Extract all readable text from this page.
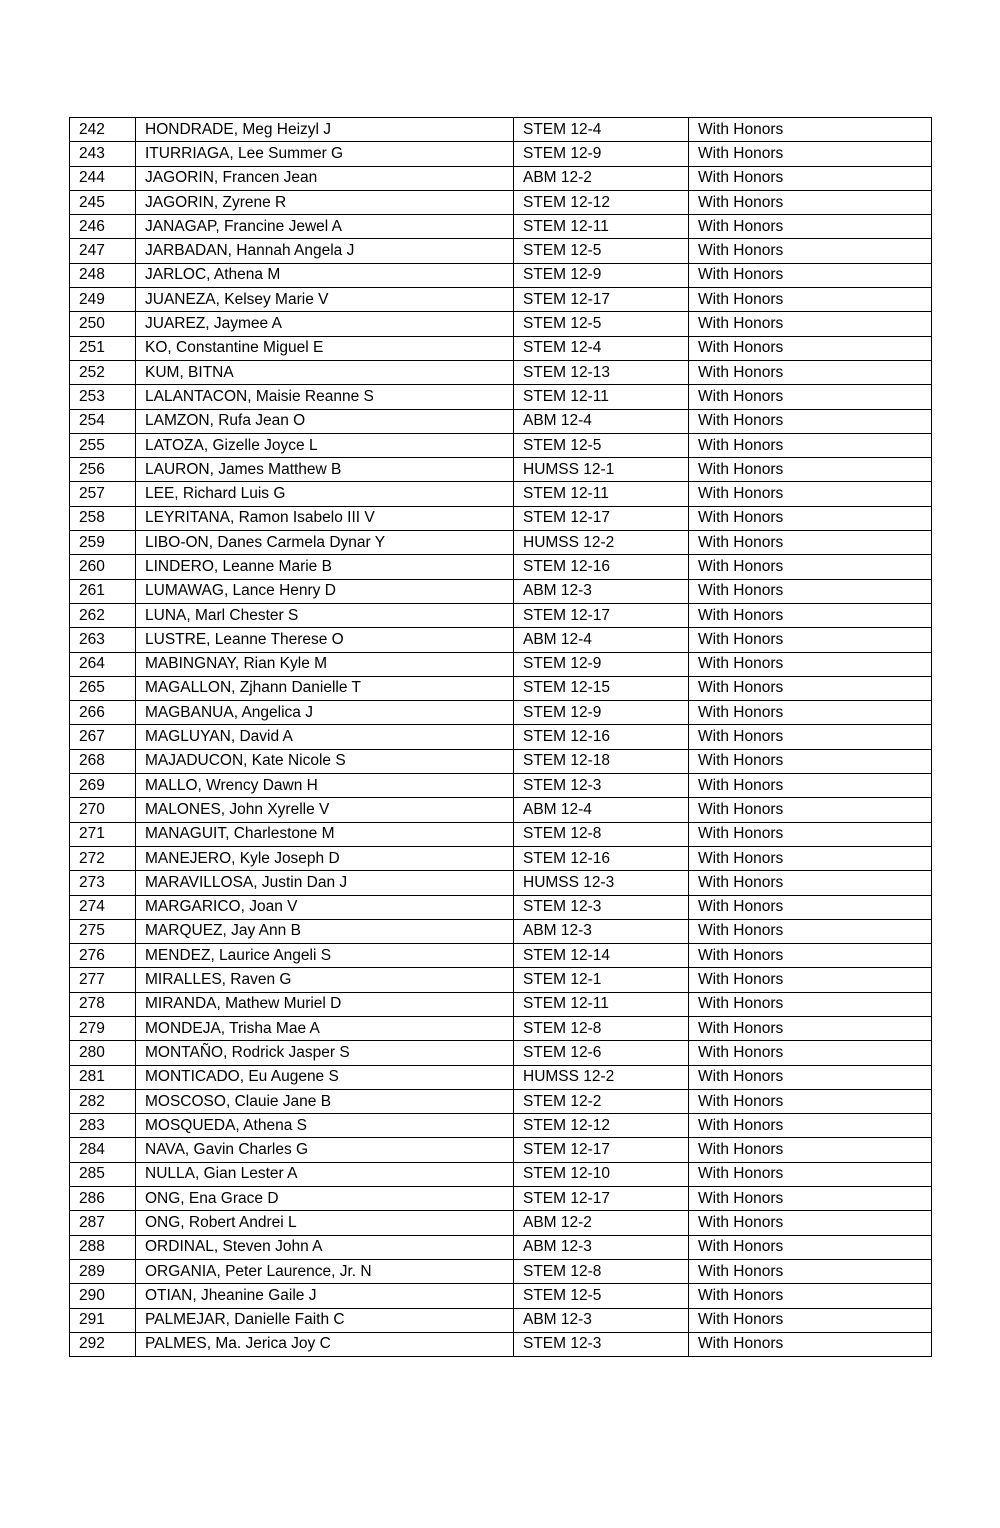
242	HONDRADE, Meg Heizyl J	STEM 12-4	With Honors
243	ITURRIAGA, Lee Summer G	STEM 12-9	With Honors
244	JAGORIN, Francen Jean	ABM 12-2	With Honors
245	JAGORIN, Zyrene R	STEM 12-12	With Honors
246	JANAGAP, Francine Jewel A	STEM 12-11	With Honors
247	JARBADAN, Hannah Angela J	STEM 12-5	With Honors
248	JARLOC, Athena M	STEM 12-9	With Honors
249	JUANEZA, Kelsey Marie V	STEM 12-17	With Honors
250	JUAREZ, Jaymee A	STEM 12-5	With Honors
251	KO, Constantine Miguel E	STEM 12-4	With Honors
252	KUM, BITNA	STEM 12-13	With Honors
253	LALANTACON, Maisie Reanne S	STEM 12-11	With Honors
254	LAMZON, Rufa Jean O	ABM 12-4	With Honors
255	LATOZA, Gizelle Joyce L	STEM 12-5	With Honors
256	LAURON, James Matthew B	HUMSS 12-1	With Honors
257	LEE, Richard Luis G	STEM 12-11	With Honors
258	LEYRITANA, Ramon Isabelo III V	STEM 12-17	With Honors
259	LIBO-ON, Danes Carmela Dynar Y	HUMSS 12-2	With Honors
260	LINDERO, Leanne Marie B	STEM 12-16	With Honors
261	LUMAWAG, Lance Henry D	ABM 12-3	With Honors
262	LUNA, Marl Chester S	STEM 12-17	With Honors
263	LUSTRE, Leanne Therese O	ABM 12-4	With Honors
264	MABINGNAY, Rian Kyle M	STEM 12-9	With Honors
265	MAGALLON, Zjhann Danielle T	STEM 12-15	With Honors
266	MAGBANUA, Angelica J	STEM 12-9	With Honors
267	MAGLUYAN, David A	STEM 12-16	With Honors
268	MAJADUCON, Kate Nicole S	STEM 12-18	With Honors
269	MALLO, Wrency Dawn H	STEM 12-3	With Honors
270	MALONES, John Xyrelle V	ABM 12-4	With Honors
271	MANAGUIT, Charlestone M	STEM 12-8	With Honors
272	MANEJERO, Kyle Joseph D	STEM 12-16	With Honors
273	MARAVILLOSA, Justin Dan J	HUMSS 12-3	With Honors
274	MARGARICO, Joan V	STEM 12-3	With Honors
275	MARQUEZ, Jay Ann B	ABM 12-3	With Honors
276	MENDEZ, Laurice Angeli S	STEM 12-14	With Honors
277	MIRALLES, Raven G	STEM 12-1	With Honors
278	MIRANDA, Mathew Muriel D	STEM 12-11	With Honors
279	MONDEJA, Trisha Mae A	STEM 12-8	With Honors
280	MONTAÑO, Rodrick Jasper S	STEM 12-6	With Honors
281	MONTICADO, Eu Augene S	HUMSS 12-2	With Honors
282	MOSCOSO, Clauie Jane B	STEM 12-2	With Honors
283	MOSQUEDA, Athena S	STEM 12-12	With Honors
284	NAVA, Gavin Charles G	STEM 12-17	With Honors
285	NULLA, Gian Lester A	STEM 12-10	With Honors
286	ONG, Ena Grace D	STEM 12-17	With Honors
287	ONG, Robert Andrei L	ABM 12-2	With Honors
288	ORDINAL, Steven John A	ABM 12-3	With Honors
289	ORGANIA, Peter Laurence, Jr. N	STEM 12-8	With Honors
290	OTIAN, Jheanine Gaile J	STEM 12-5	With Honors
291	PALMEJAR, Danielle Faith C	ABM 12-3	With Honors
292	PALMES, Ma. Jerica Joy C	STEM 12-3	With Honors
